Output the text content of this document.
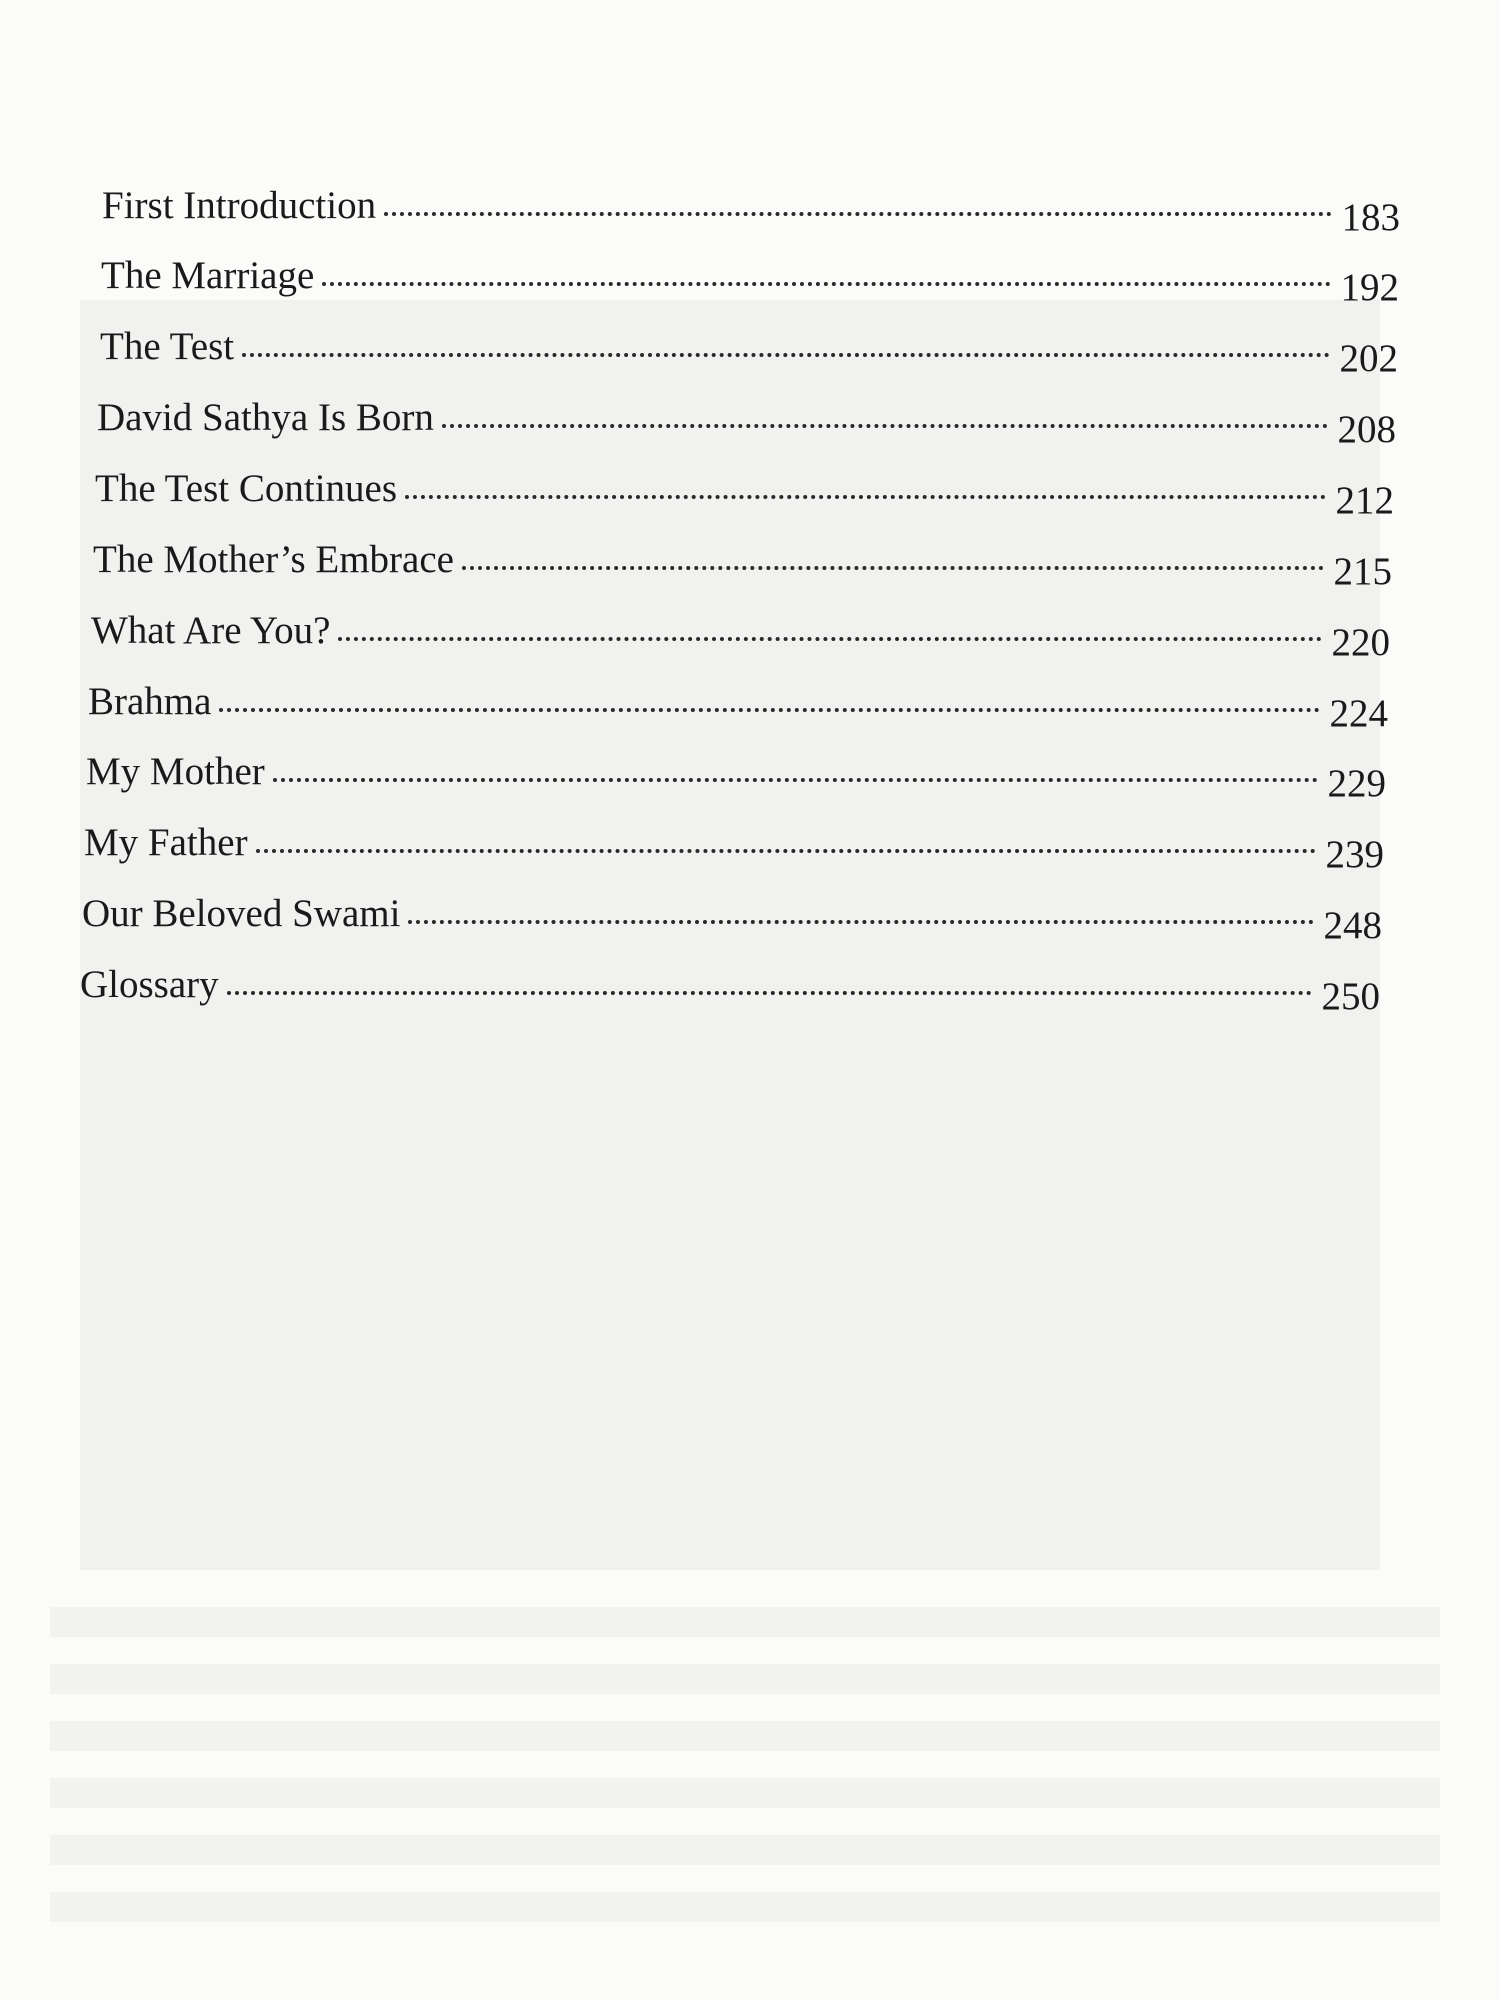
First Introduction	183
The Marriage	192
The Test	202
David Sathya Is Born	208
The Test Continues	212
The Mother’s Embrace	215
What Are You?	220
Brahma	224
My Mother	229
My Father	239
Our Beloved Swami	248
Glossary	250
